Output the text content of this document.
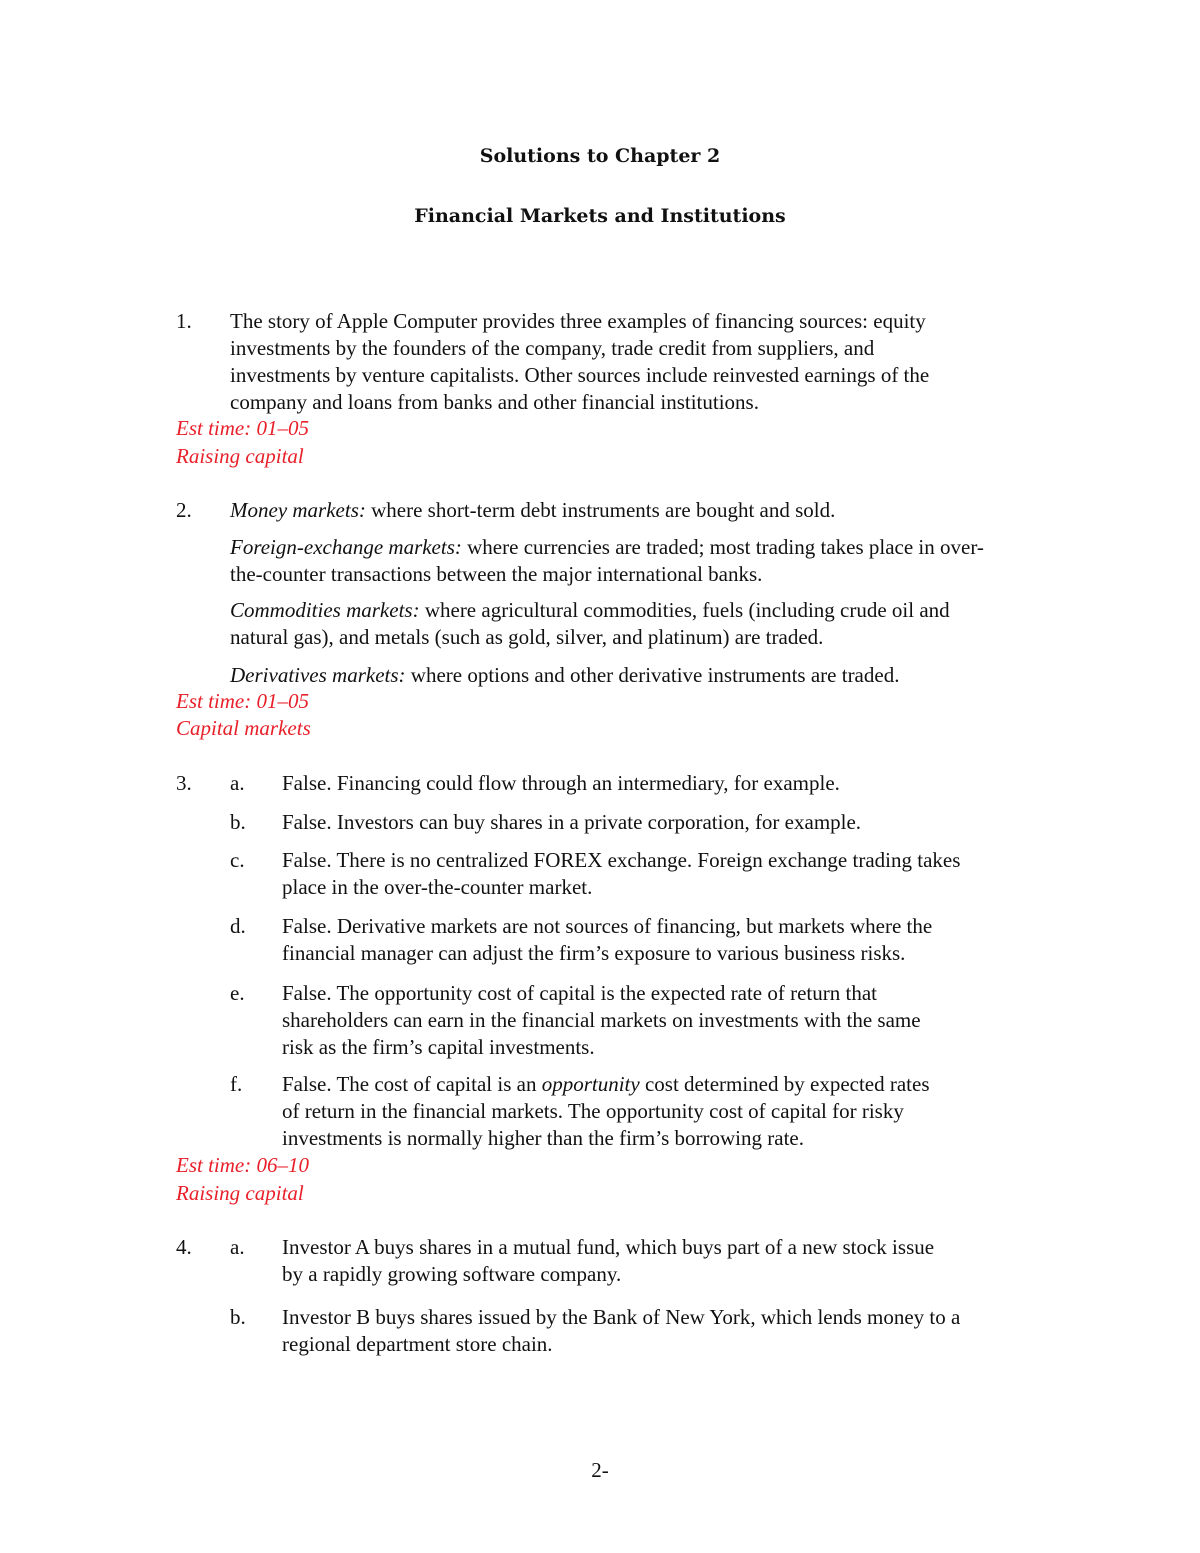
Solutions to Chapter 2
Financial Markets and Institutions
1. The story of Apple Computer provides three examples of financing sources: equity
investments by the founders of the company, trade credit from suppliers, and
investments by venture capitalists. Other sources include reinvested earnings of the
company and loans from banks and other financial institutions.
Est time: 01–05
Raising capital
2. Money markets: where short-term debt instruments are bought and sold.
Foreign-exchange markets: where currencies are traded; most trading takes place in over-
the-counter transactions between the major international banks.
Commodities markets: where agricultural commodities, fuels (including crude oil and
natural gas), and metals (such as gold, silver, and platinum) are traded.
Derivatives markets: where options and other derivative instruments are traded.
Est time: 01–05
Capital markets
3. a. False. Financing could flow through an intermediary, for example.
b. False. Investors can buy shares in a private corporation, for example.
c. False. There is no centralized FOREX exchange. Foreign exchange trading takes
place in the over-the-counter market.
d. False. Derivative markets are not sources of financing, but markets where the
financial manager can adjust the firm’s exposure to various business risks.
e. False. The opportunity cost of capital is the expected rate of return that
shareholders can earn in the financial markets on investments with the same
risk as the firm’s capital investments.
f. False. The cost of capital is an opportunity cost determined by expected rates
of return in the financial markets. The opportunity cost of capital for risky
investments is normally higher than the firm’s borrowing rate.
Est time: 06–10
Raising capital
4. a. Investor A buys shares in a mutual fund, which buys part of a new stock issue
by a rapidly growing software company.
b. Investor B buys shares issued by the Bank of New York, which lends money to a
regional department store chain.
2-
